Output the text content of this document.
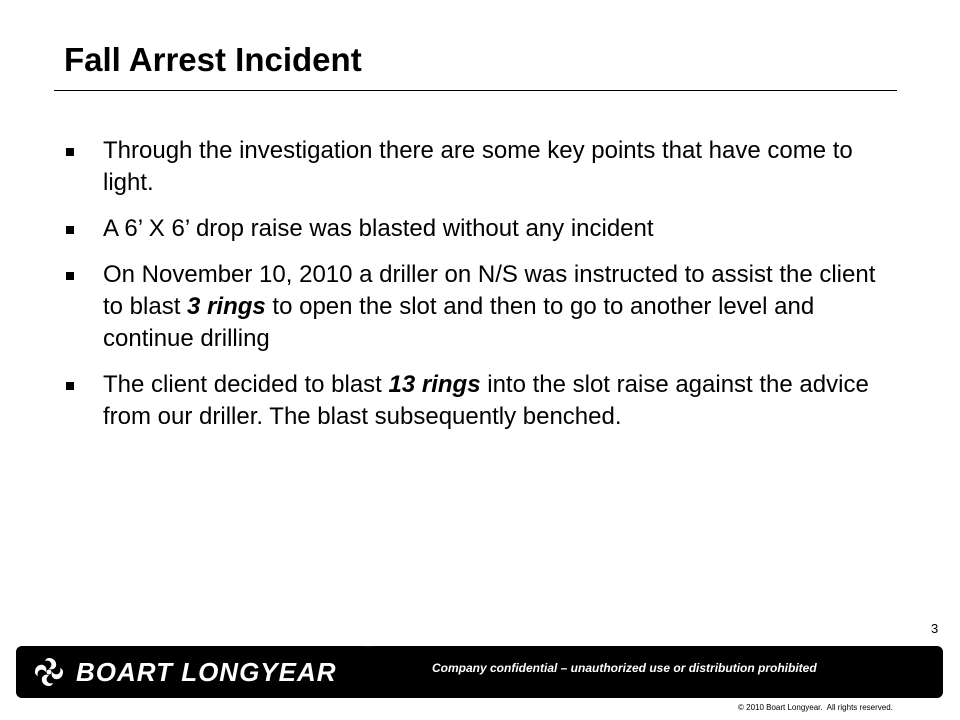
Fall Arrest Incident
Through the investigation there are some key points that have come to light.
A 6’ X 6’ drop raise was blasted without any incident
On November 10, 2010 a driller on N/S was instructed to assist the client to blast 3 rings to open the slot and then to go to another level and continue drilling
The client decided to blast 13 rings into the slot raise against the advice from our driller. The blast subsequently benched.
3
BOART LONGYEAR
™
Company confidential – unauthorized use or distribution prohibited
© 2010 Boart Longyear.  All rights reserved.
